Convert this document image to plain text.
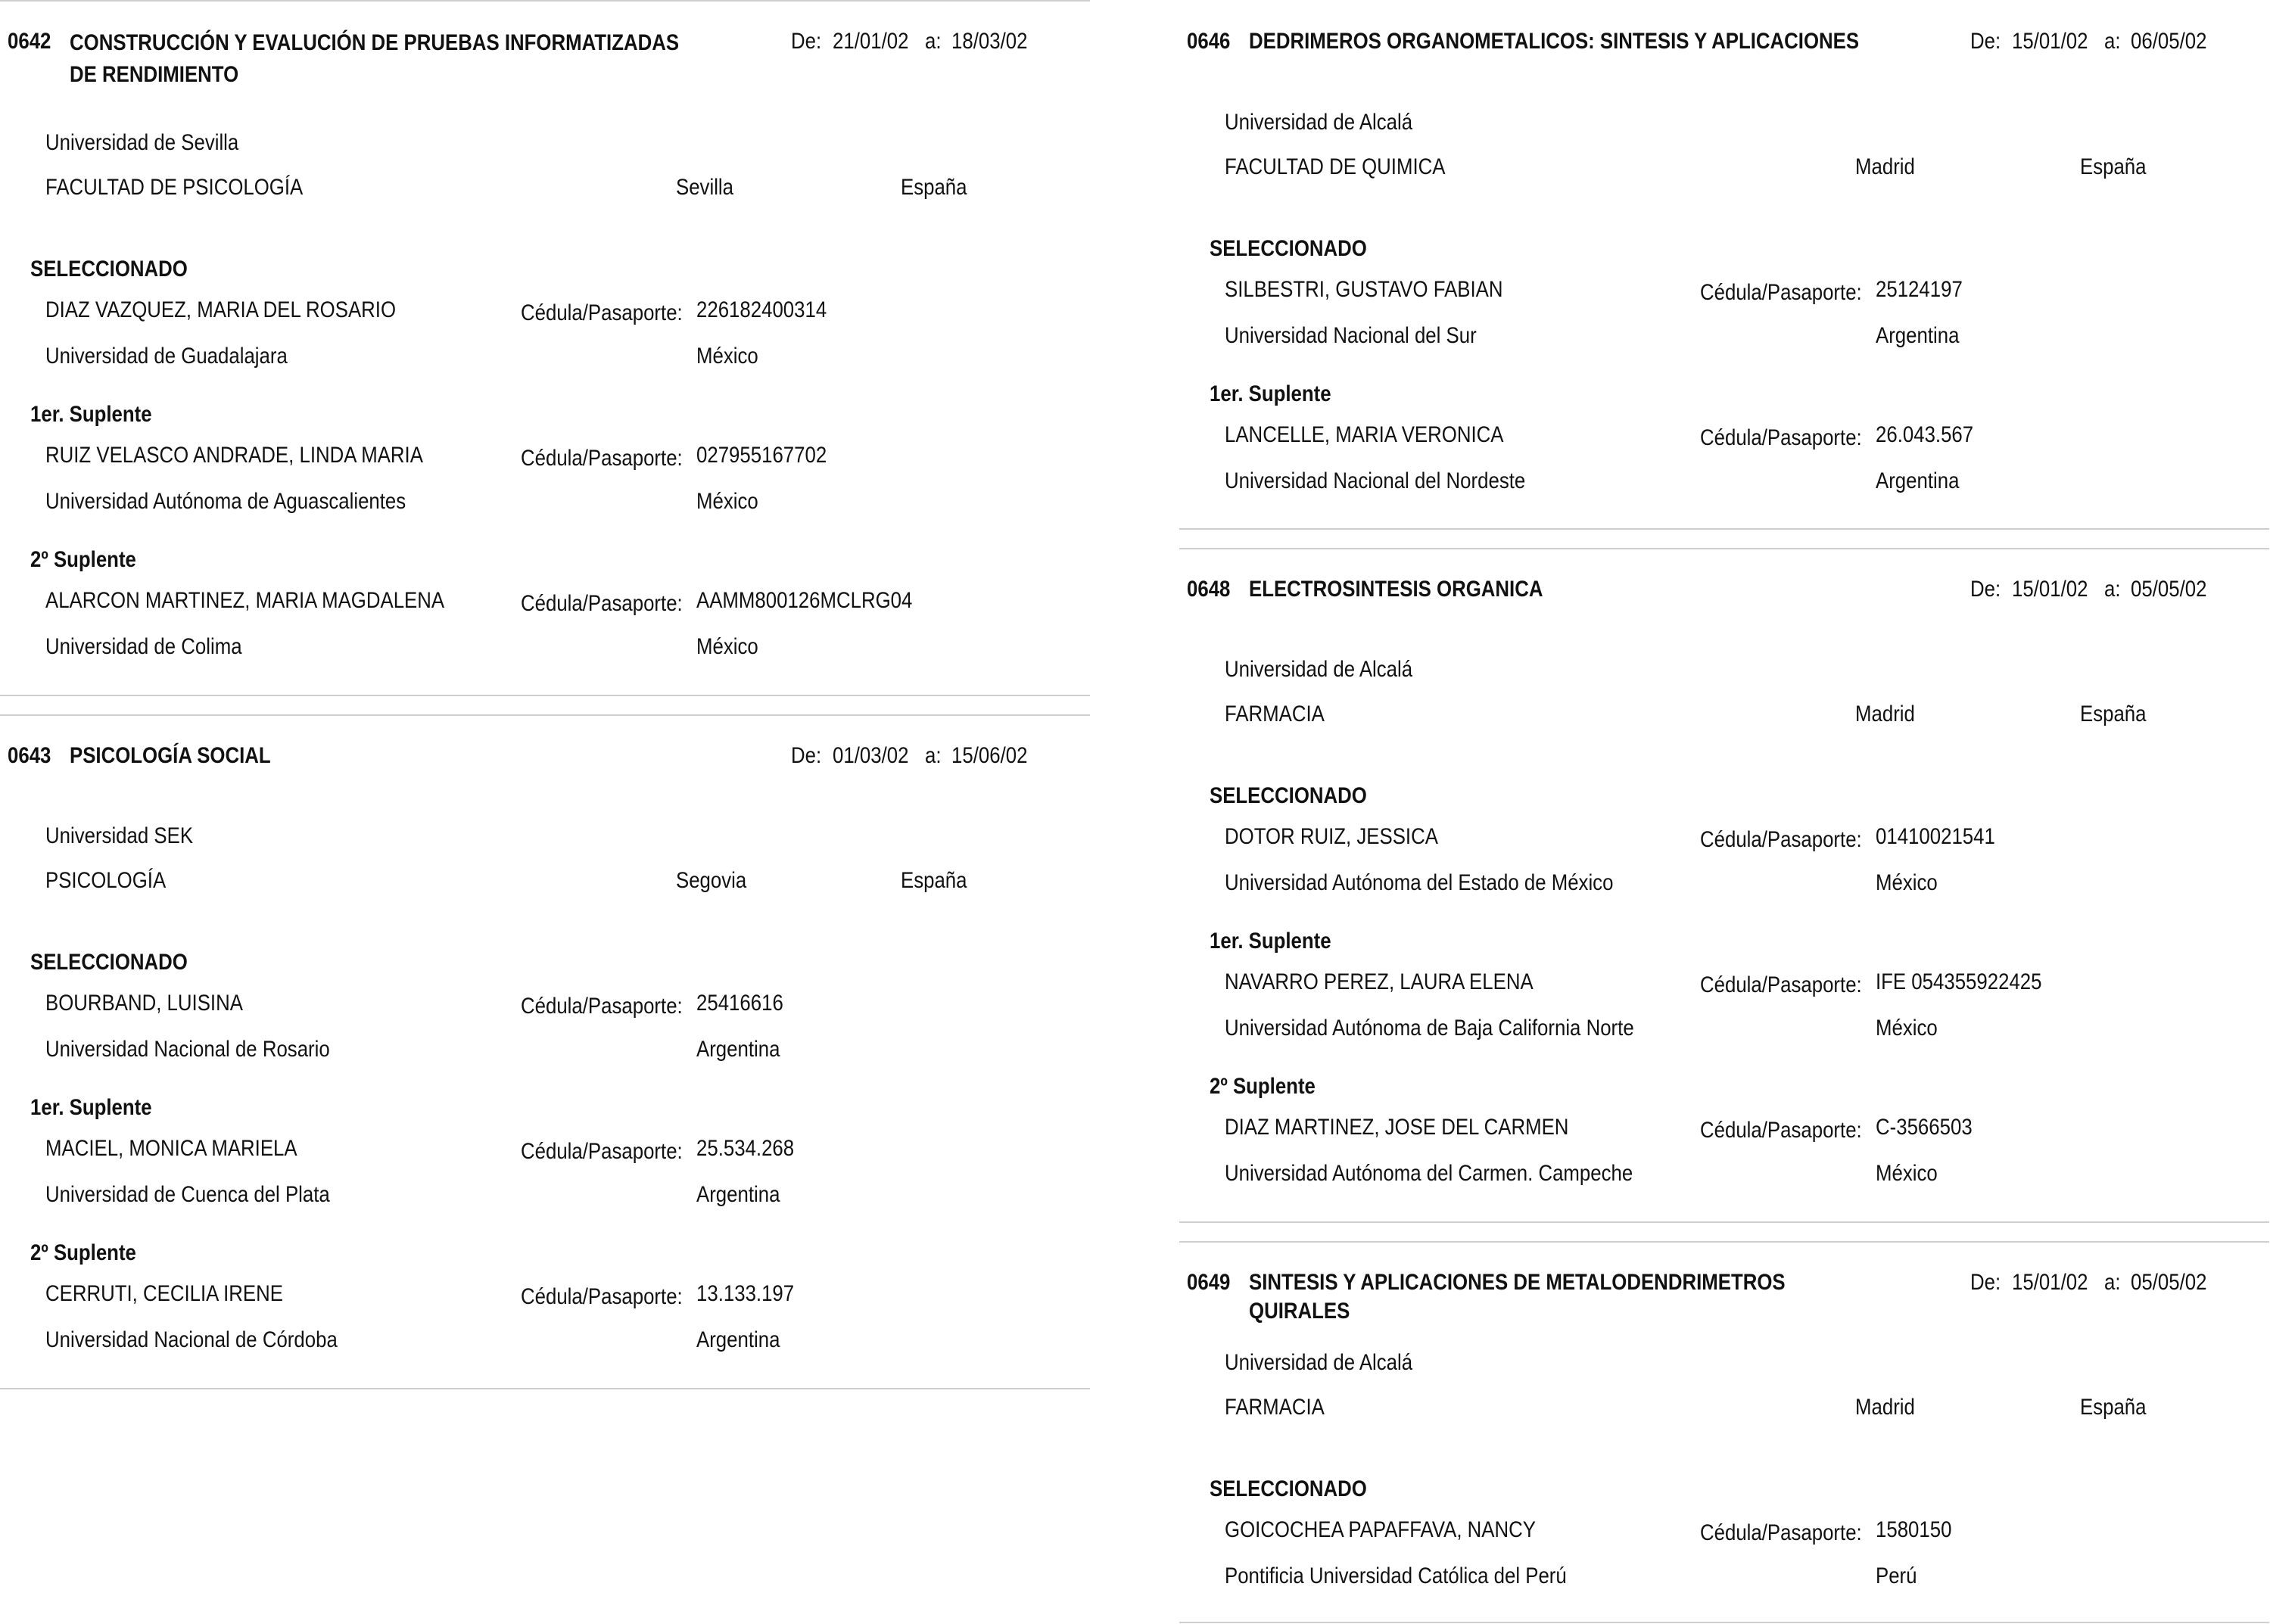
0642 CONSTRUCCIÓN Y EVALUCIÓN DE PRUEBAS INFORMATIZADAS DE RENDIMIENTO
De: 21/01/02 a: 18/03/02
Universidad de Sevilla
FACULTAD DE PSICOLOGÍA	Sevilla	España
SELECCIONADO
DIAZ VAZQUEZ, MARIA DEL ROSARIO	Cédula/Pasaporte: 226182400314
Universidad de Guadalajara	México
1er. Suplente
RUIZ VELASCO ANDRADE, LINDA MARIA	Cédula/Pasaporte: 027955167702
Universidad Autónoma de Aguascalientes	México
2º Suplente
ALARCON MARTINEZ, MARIA MAGDALENA	Cédula/Pasaporte: AAMM800126MCLRG04
Universidad de Colima	México
0643 PSICOLOGÍA SOCIAL	De: 01/03/02 a: 15/06/02
Universidad SEK
PSICOLOGÍA	Segovia	España
SELECCIONADO
BOURBAND, LUISINA	Cédula/Pasaporte: 25416616
Universidad Nacional de Rosario	Argentina
1er. Suplente
MACIEL, MONICA MARIELA	Cédula/Pasaporte: 25.534.268
Universidad de Cuenca del Plata	Argentina
2º Suplente
CERRUTI, CECILIA IRENE	Cédula/Pasaporte: 13.133.197
Universidad Nacional de Córdoba	Argentina
0646 DEDRIMEROS ORGANOMETALICOS: SINTESIS Y APLICACIONES	De: 15/01/02 a: 06/05/02
Universidad de Alcalá
FACULTAD DE QUIMICA	Madrid	España
SELECCIONADO
SILBESTRI, GUSTAVO FABIAN	Cédula/Pasaporte: 25124197
Universidad Nacional del Sur	Argentina
1er. Suplente
LANCELLE, MARIA VERONICA	Cédula/Pasaporte: 26.043.567
Universidad Nacional del Nordeste	Argentina
0648 ELECTROSINTESIS ORGANICA	De: 15/01/02 a: 05/05/02
Universidad de Alcalá
FARMACIA	Madrid	España
SELECCIONADO
DOTOR RUIZ, JESSICA	Cédula/Pasaporte: 01410021541
Universidad Autónoma del Estado de México	México
1er. Suplente
NAVARRO PEREZ, LAURA ELENA	Cédula/Pasaporte: IFE 054355922425
Universidad Autónoma de Baja California Norte	México
2º Suplente
DIAZ MARTINEZ, JOSE DEL CARMEN	Cédula/Pasaporte: C-3566503
Universidad Autónoma del Carmen. Campeche	México
0649 SINTESIS Y APLICACIONES DE METALODENDRIMETROS QUIRALES
De: 15/01/02 a: 05/05/02
Universidad de Alcalá
FARMACIA	Madrid	España
SELECCIONADO
GOICOCHEA PAPAFFAVA, NANCY	Cédula/Pasaporte: 1580150
Pontificia Universidad Católica del Perú	Perú
